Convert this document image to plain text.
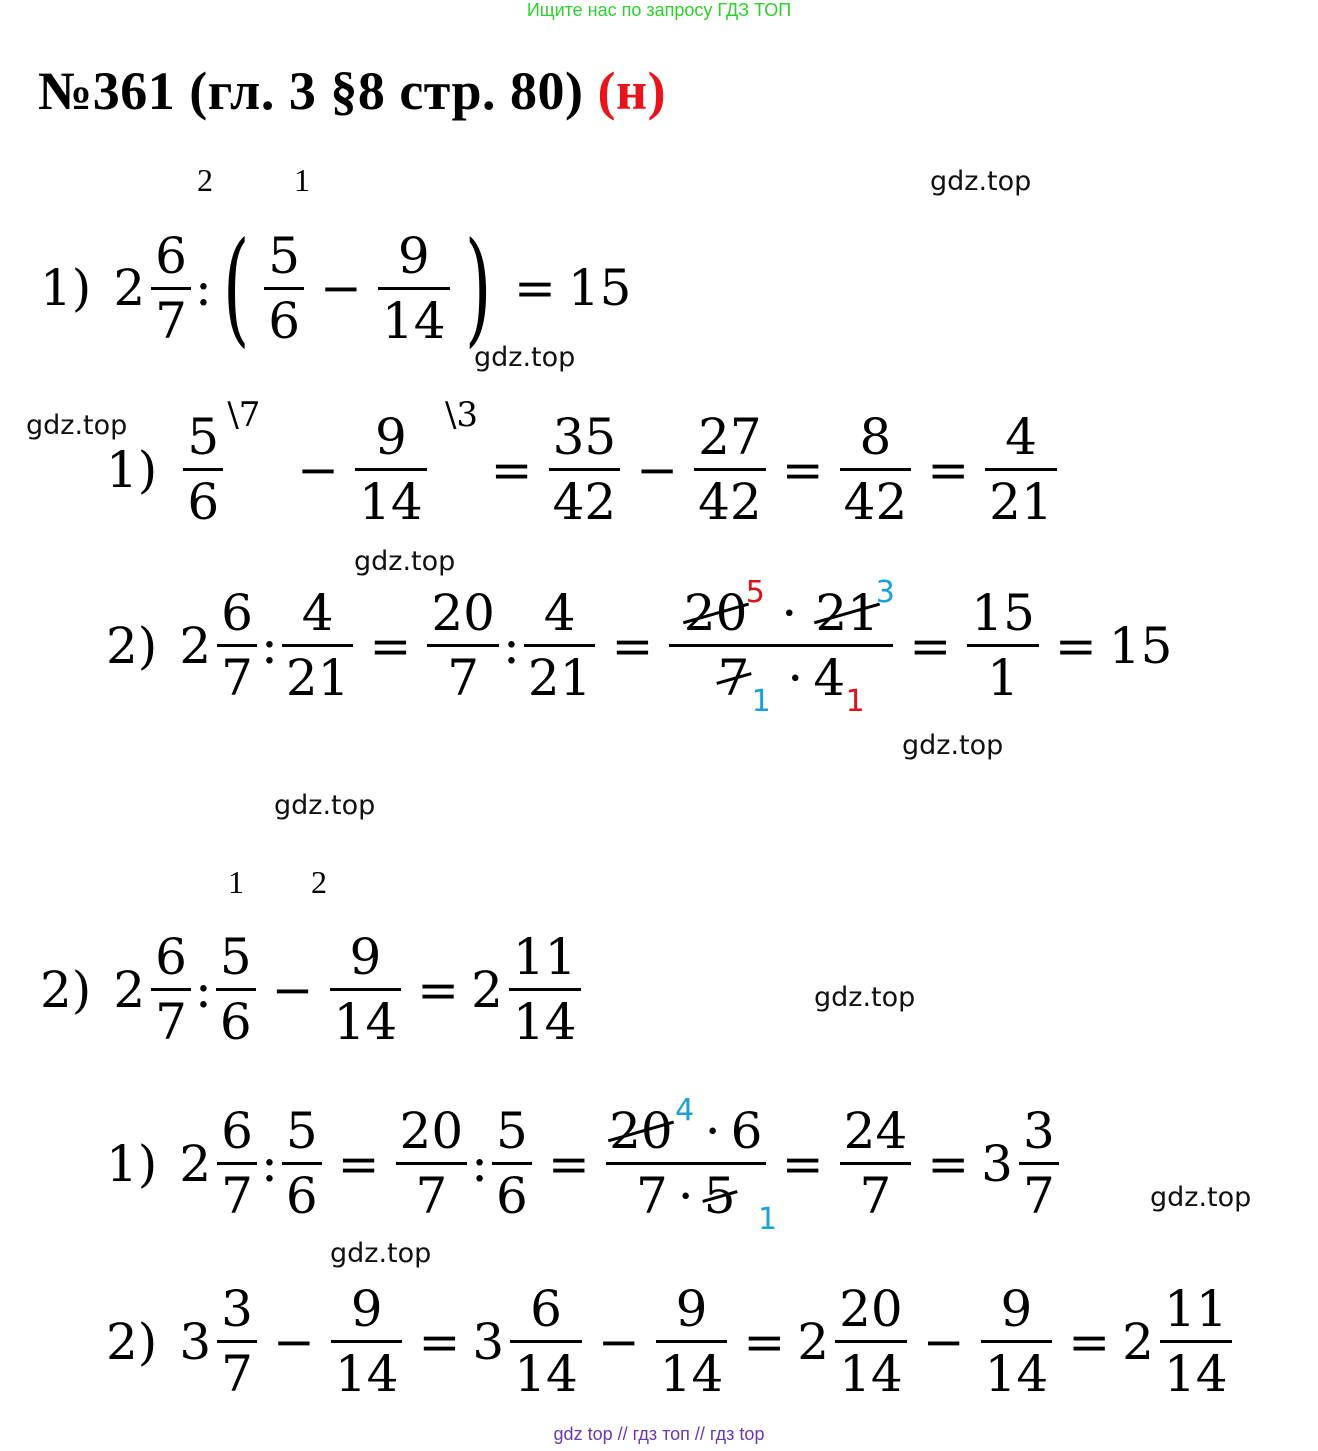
Ищите нас по запросу ГДЗ ТОП
№361 (гл. 3 §8 стр. 80) (н)
gdz.top
gdz.top
gdz.top
gdz.top
gdz.top
gdz.top
gdz.top
gdz.top
gdz.top
2	1
1) $2 \frac{6}{7}$ : ( $\frac{5}{6} - \frac{9}{14}$ ) = 15
$1) \frac{5 \backslash 7}{6} - \frac{9 \backslash 3}{14} = \frac{35}{42} - \frac{27}{42} = \frac{8}{42} = \frac{4}{21}$
2) $2 \frac{6}{7}$ : $\frac{4}{21} = \frac{20}{7}$ : $\frac{4}{21} = 20$
5 · 21
3
7 1 · 4 $1 = \frac{15}{1} = 15$
1 2
2) $2 \frac{6}{7}$ : $\frac{5}{6} - \frac{9}{14} = 2 \frac{11}{14}$
1) $2 \frac{6}{7}$ : $\frac{5}{6} = \frac{20}{7}$ : $\frac{5}{6} = \frac{20 4 \cdot 6}{7 \cdot 5 1} = \frac{24}{7} = 3 \frac{3}{7}$
2) $3 \frac{3}{7} - \frac{9}{14} = 3 \frac{6}{14} - \frac{9}{14} = 2 \frac{20}{14} - \frac{9}{14} = 2 \frac{11}{14}$
gdz top // гдз топ // гдз top
